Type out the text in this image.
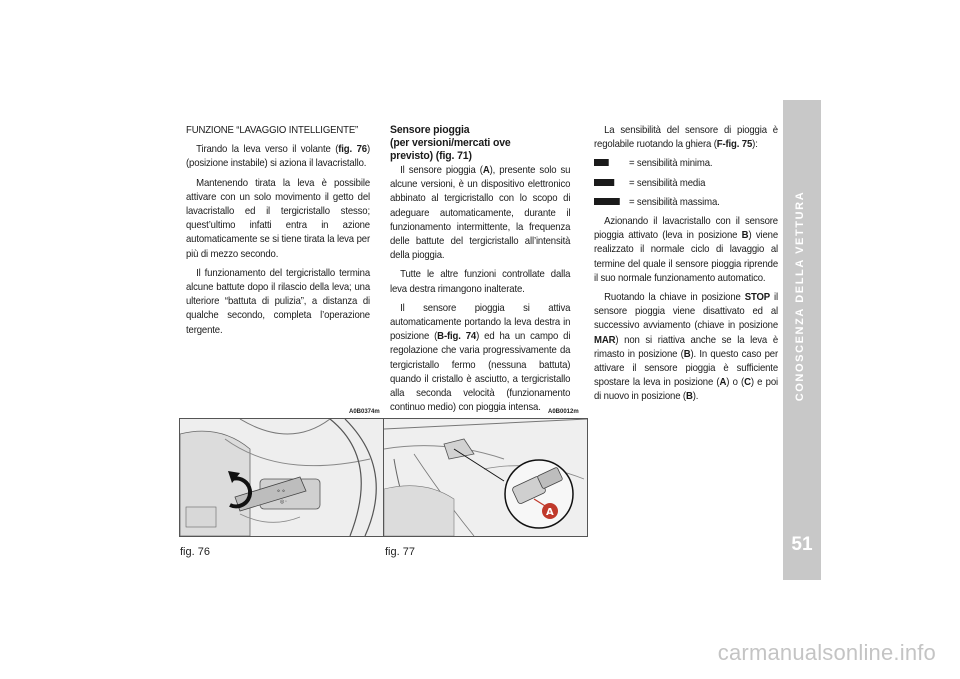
FUNZIONE “LAVAGGIO INTELLIGENTE”

Tirando la leva verso il volante (fig. 76) (posizione instabile) si aziona il lavacristallo.

Mantenendo tirata la leva è possibile attivare con un solo movimento il getto del lavacristallo ed il tergicristallo stesso; quest’ultimo infatti entra in azione automaticamente se si tiene tirata la leva per più di mezzo secondo.

Il funzionamento del tergicristallo termina alcune battute dopo il rilascio della leva; una ulteriore “battuta di pulizia”, a distanza di qualche secondo, completa l’operazione tergente.

Sensore pioggia
(per versioni/mercati ove
previsto) (fig. 71)

Il sensore pioggia (A), presente solo su alcune versioni, è un dispositivo elettronico abbinato al tergicristallo con lo scopo di adeguare automaticamente, durante il funzionamento intermittente, la frequenza delle battute del tergicristallo all’intensità della pioggia.

Tutte le altre funzioni controllate dalla leva destra rimangono inalterate.

Il sensore pioggia si attiva automaticamente portando la leva destra in posizione (B-fig. 74) ed ha un campo di regolazione che varia progressivamente da tergicristallo fermo (nessuna battuta) quando il cristallo è asciutto, a tergicristallo alla seconda velocità (funzionamento continuo medio) con pioggia intensa.

La sensibilità del sensore di pioggia è regolabile ruotando la ghiera (F-fig. 75):

= sensibilità minima.
= sensibilità media
= sensibilità massima.

Azionando il lavacristallo con il sensore pioggia attivato (leva in posizione B) viene realizzato il normale ciclo di lavaggio al termine del quale il sensore pioggia riprende il suo normale funzionamento automatico.

Ruotando la chiave in posizione STOP il sensore pioggia viene disattivato ed al successivo avviamento (chiave in posizione MAR) non si riattiva anche se la leva è rimasto in posizione (B). In questo caso per attivare il sensore pioggia è sufficiente spostare la leva in posizione (A) o (C) e poi di nuovo in posizione (B).

A0B0374m
⚬⚬
◎◦
fig. 76
A0B0012m
A
fig. 77
CONOSCENZA DELLA VETTURA
51
carmanualsonline.info
